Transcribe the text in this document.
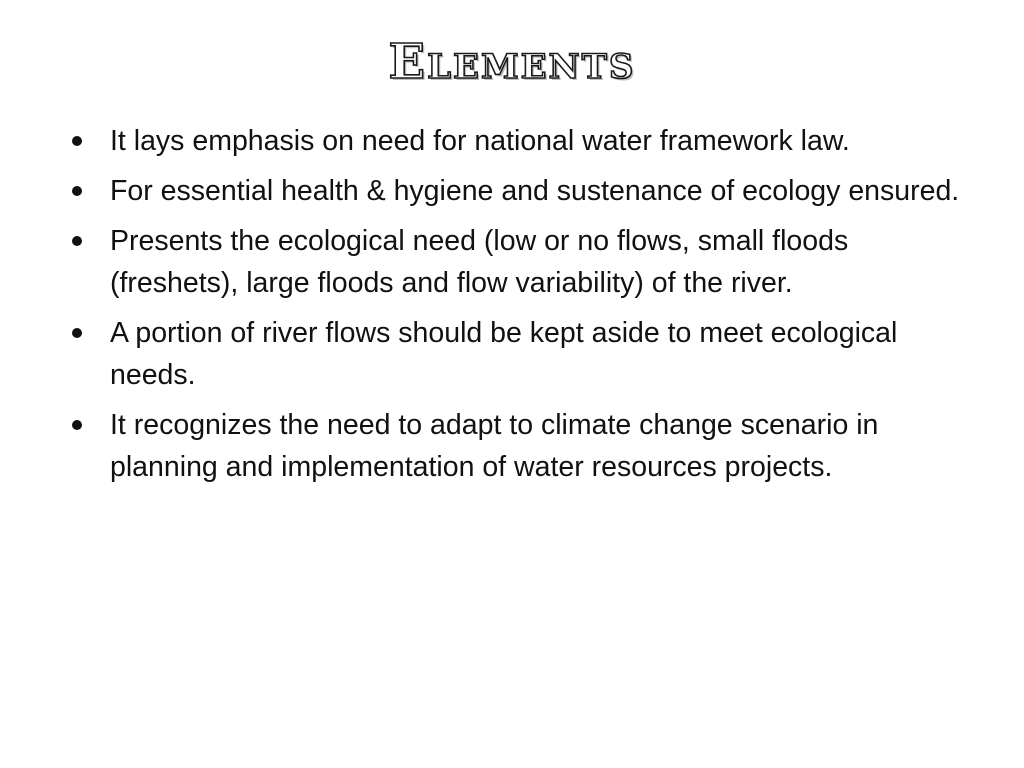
Elements
It lays emphasis on need for national water framework law.
For essential health & hygiene and sustenance of ecology ensured.
Presents the ecological need (low or no flows, small floods (freshets), large floods and flow variability) of the river.
A portion of river flows should be kept aside to meet ecological needs.
It recognizes the need to adapt to climate change scenario in planning and implementation of water resources projects.
